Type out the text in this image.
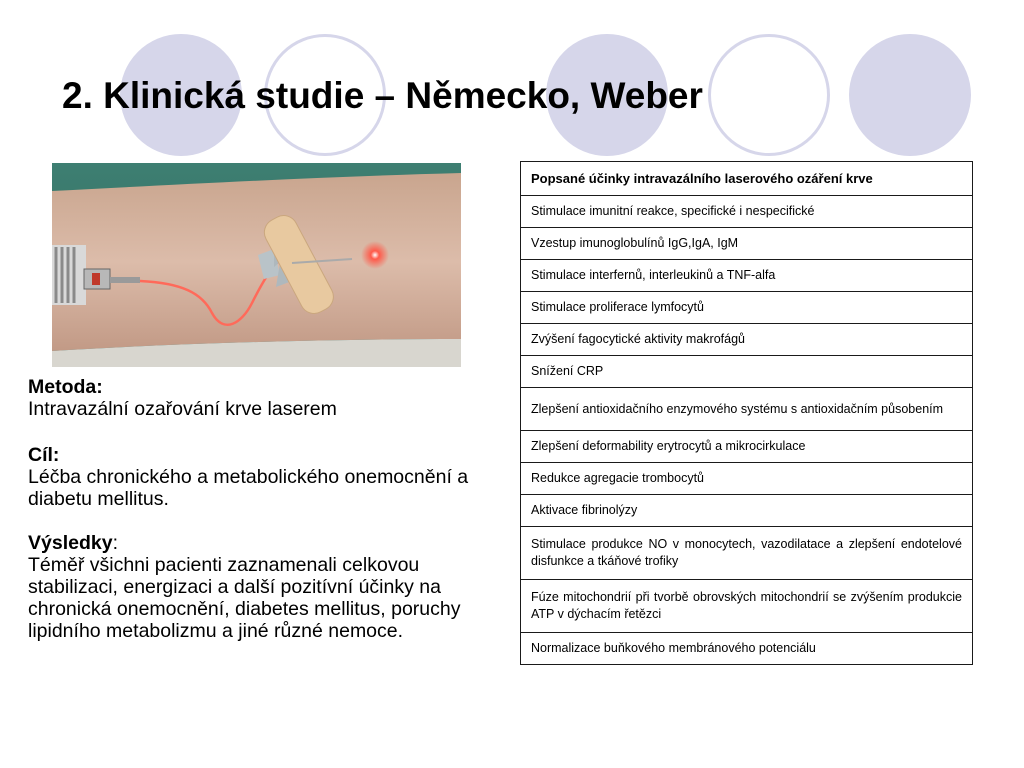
2. Klinická studie – Německo, Weber

Metoda:

Intravazální ozařování krve laserem

Cíl:

Léčba chronického a metabolického onemocnění a diabetu mellitus.

Výsledky:

Téměř všichni pacienti zaznamenali celkovou stabilizaci, energizaci a další pozitívní účinky na chronická onemocnění, diabetes mellitus, poruchy lipidního metabolizmu a jiné různé nemoce.

Popsané účinky intravazálního laserového ozáření krve
Stimulace imunitní reakce, specifické i nespecifické
Vzestup imunoglobulínů IgG,IgA, IgM
Stimulace interfernů, interleukinů a TNF-alfa
Stimulace proliferace lymfocytů
Zvýšení fagocytické aktivity makrofágů
Snížení CRP
Zlepšení antioxidačního enzymového systému s antioxidačním působením
Zlepšení deformability erytrocytů a mikrocirkulace
Redukce agregacie trombocytů
Aktivace fibrinolýzy
Stimulace produkce NO v monocytech, vazodilatace a zlepšení endotelové disfunkce a tkáňové trofiky
Fúze mitochondrií při tvorbě obrovských mitochondrií se zvýšením produkcie ATP v dýchacím řetězci
Normalizace buňkového membránového potenciálu
